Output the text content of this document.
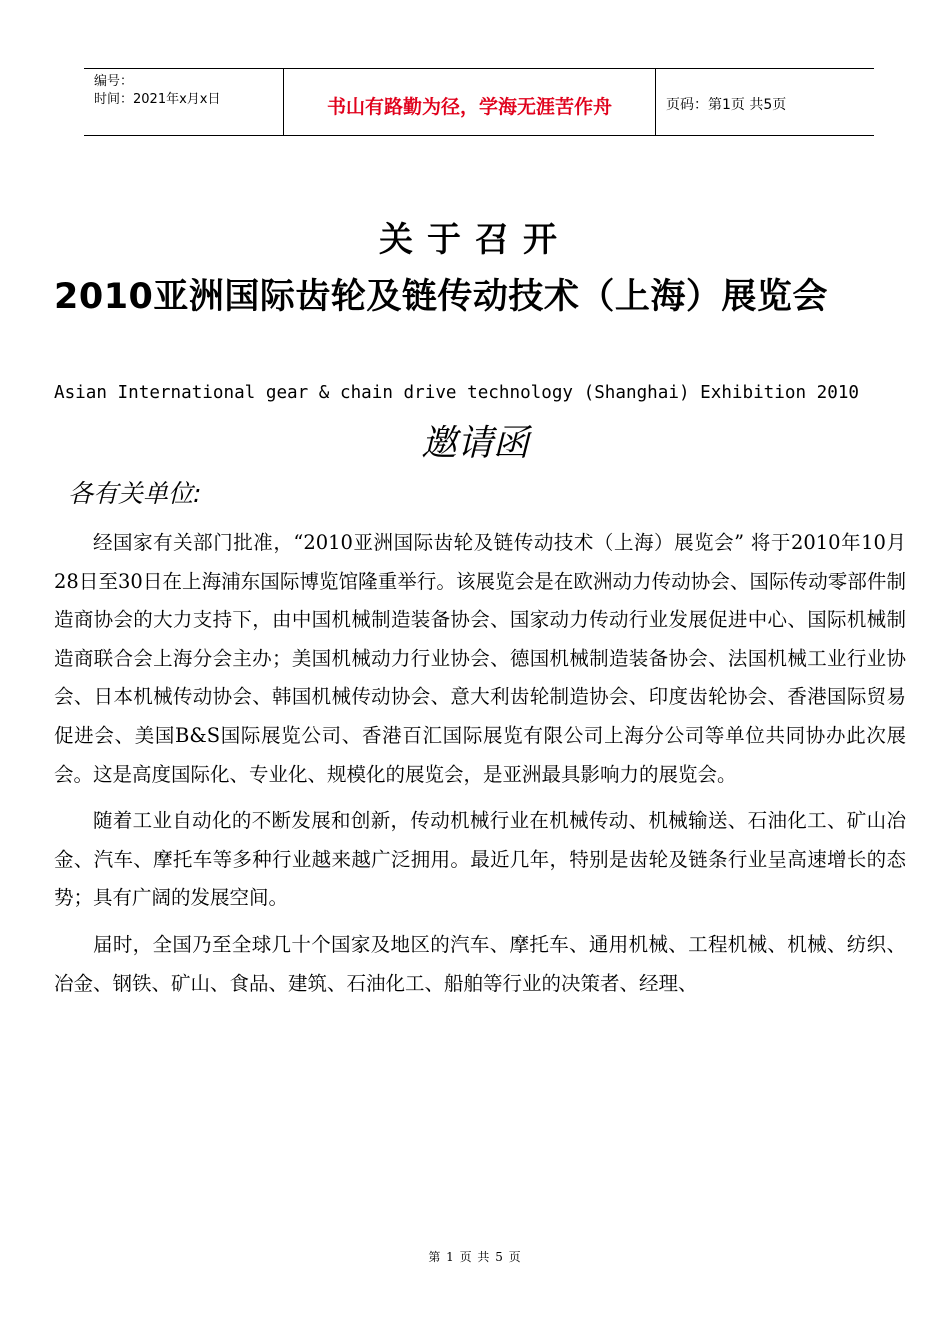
编号：
时间：2021年x月x日	书山有路勤为径，学海无涯苦作舟	页码：第1页 共5页
关于召开
2010亚洲国际齿轮及链传动技术（上海）展览会
Asian International gear & chain drive technology (Shanghai) Exhibition 2010
邀请函
各有关单位:

经国家有关部门批准，“2010亚洲国际齿轮及链传动技术（上海）展览会” 将于2010年10月28日至30日在上海浦东国际博览馆隆重举行。该展览会是在欧洲动力传动协会、国际传动零部件制造商协会的大力支持下，由中国机械制造装备协会、国家动力传动行业发展促进中心、国际机械制造商联合会上海分会主办；美国机械动力行业协会、德国机械制造装备协会、法国机械工业行业协会、日本机械传动协会、韩国机械传动协会、意大利齿轮制造协会、印度齿轮协会、香港国际贸易促进会、美国B&S国际展览公司、香港百汇国际展览有限公司上海分公司等单位共同协办此次展会。这是高度国际化、专业化、规模化的展览会，是亚洲最具影响力的展览会。

随着工业自动化的不断发展和创新，传动机械行业在机械传动、机械输送、石油化工、矿山冶金、汽车、摩托车等多种行业越来越广泛拥用。最近几年，特别是齿轮及链条行业呈高速增长的态势；具有广阔的发展空间。

届时，全国乃至全球几十个国家及地区的汽车、摩托车、通用机械、工程机械、机械、纺织、冶金、钢铁、矿山、食品、建筑、石油化工、船舶等行业的决策者、经理、

第 1 页 共 5 页
